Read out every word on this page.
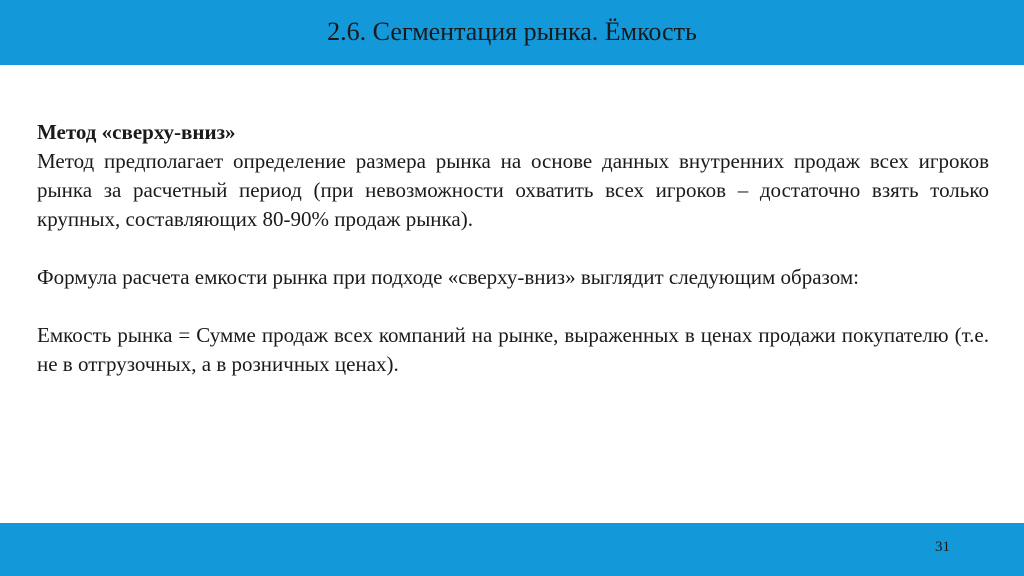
2.6. Сегментация рынка. Ёмкость

Метод «сверху-вниз»

Метод предполагает определение размера рынка на основе данных внутренних продаж всех игроков рынка за расчетный период (при невозможности охватить всех игроков – достаточно взять только крупных, составляющих 80-90% продаж рынка).

Формула расчета емкости рынка при подходе «сверху-вниз» выглядит следующим образом:

Емкость рынка = Сумме продаж всех компаний на рынке, выраженных в ценах продажи покупателю (т.е. не в отгрузочных, а в розничных ценах).

31
